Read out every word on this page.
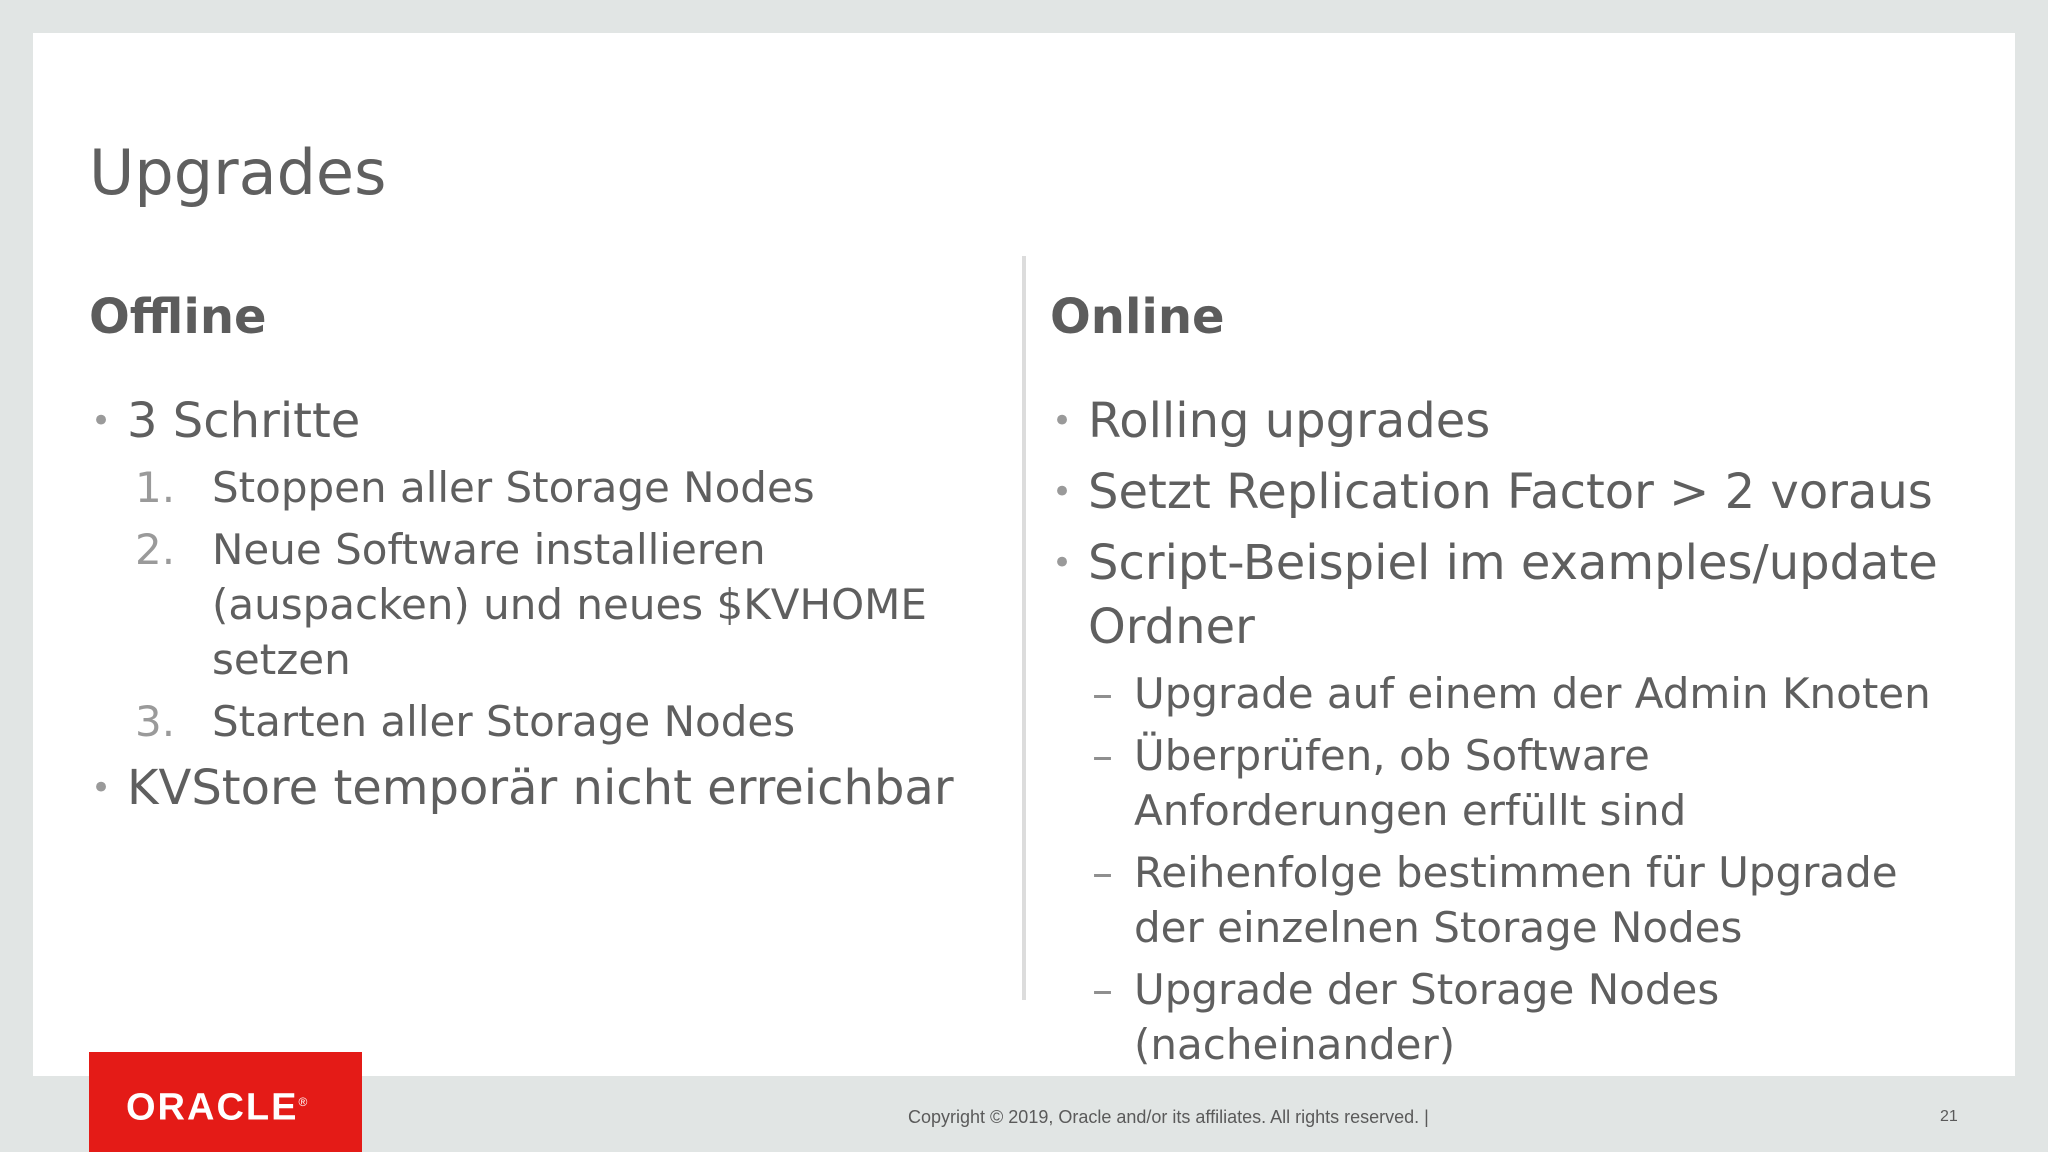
Upgrades
Offline
• 3 Schritte
1. Stoppen aller Storage Nodes
2. Neue Software installieren (auspacken) und neues $KVHOME setzen
3. Starten aller Storage Nodes
• KVStore temporär nicht erreichbar
Online
• Rolling upgrades
• Setzt Replication Factor > 2 voraus
• Script-Beispiel im examples/update Ordner
– Upgrade auf einem der Admin Knoten
– Überprüfen, ob Software Anforderungen erfüllt sind
– Reihenfolge bestimmen für Upgrade der einzelnen Storage Nodes
– Upgrade der Storage Nodes (nacheinander)
ORACLE®
Copyright © 2019, Oracle and/or its affiliates. All rights reserved. |	21
